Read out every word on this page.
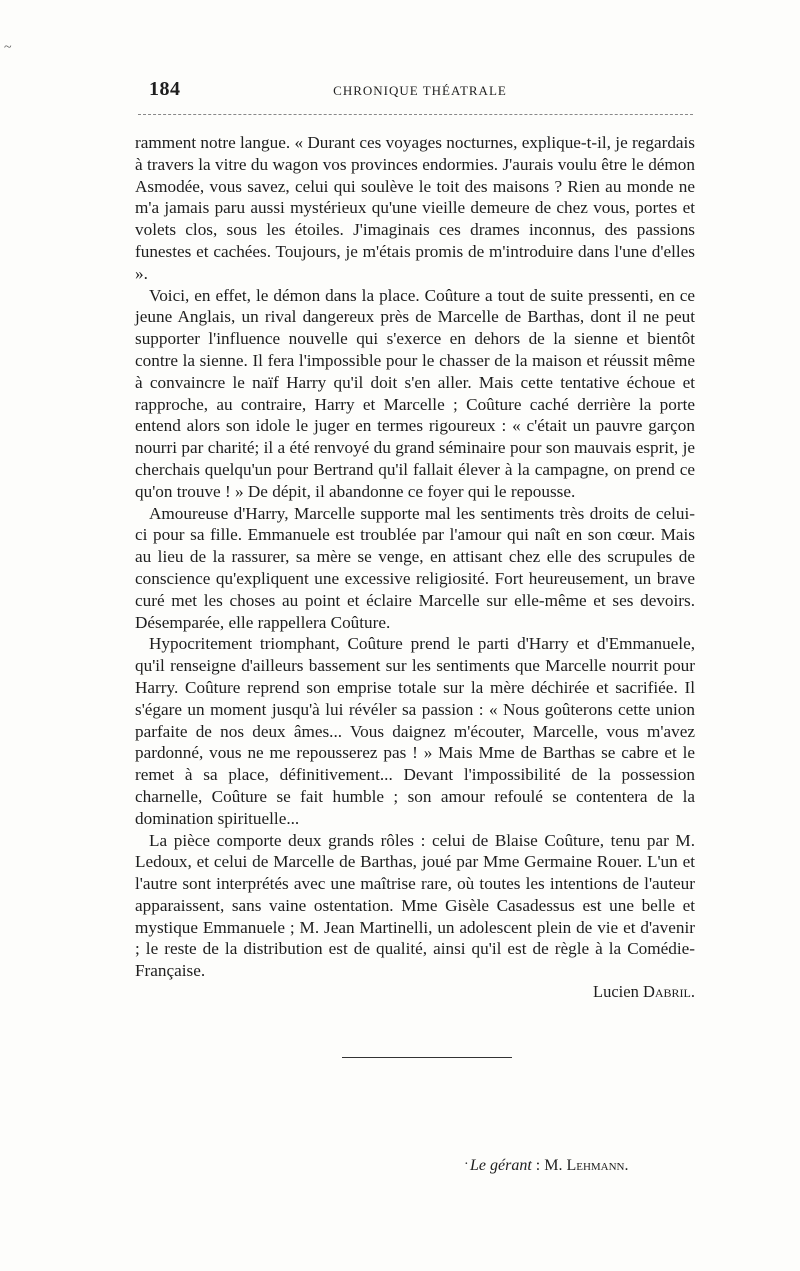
~
184	CHRONIQUE THÉATRALE

ramment notre langue. « Durant ces voyages nocturnes, explique-t-il, je regardais à travers la vitre du wagon vos provinces endormies. J'aurais voulu être le démon Asmodée, vous savez, celui qui soulève le toit des maisons ? Rien au monde ne m'a jamais paru aussi mystérieux qu'une vieille demeure de chez vous, portes et volets clos, sous les étoiles. J'imaginais ces drames inconnus, des passions funestes et cachées. Toujours, je m'étais promis de m'introduire dans l'une d'elles ».

Voici, en effet, le démon dans la place. Coûture a tout de suite pressenti, en ce jeune Anglais, un rival dangereux près de Marcelle de Barthas, dont il ne peut supporter l'influence nouvelle qui s'exerce en dehors de la sienne et bientôt contre la sienne. Il fera l'impossible pour le chasser de la maison et réussit même à convaincre le naïf Harry qu'il doit s'en aller. Mais cette tentative échoue et rapproche, au contraire, Harry et Marcelle ; Coûture caché derrière la porte entend alors son idole le juger en termes rigoureux : « c'était un pauvre garçon nourri par charité; il a été renvoyé du grand séminaire pour son mauvais esprit, je cherchais quelqu'un pour Bertrand qu'il fallait élever à la campagne, on prend ce qu'on trouve ! » De dépit, il abandonne ce foyer qui le repousse.

Amoureuse d'Harry, Marcelle supporte mal les sentiments très droits de celui-ci pour sa fille. Emmanuele est troublée par l'amour qui naît en son cœur. Mais au lieu de la rassurer, sa mère se venge, en attisant chez elle des scrupules de conscience qu'expliquent une excessive religiosité. Fort heureusement, un brave curé met les choses au point et éclaire Marcelle sur elle-même et ses devoirs. Désemparée, elle rappellera Coûture.

Hypocritement triomphant, Coûture prend le parti d'Harry et d'Emmanuele, qu'il renseigne d'ailleurs bassement sur les sentiments que Marcelle nourrit pour Harry. Coûture reprend son emprise totale sur la mère déchirée et sacrifiée. Il s'égare un moment jusqu'à lui révéler sa passion : « Nous goûterons cette union parfaite de nos deux âmes... Vous daignez m'écouter, Marcelle, vous m'avez pardonné, vous ne me repousserez pas ! » Mais Mme de Barthas se cabre et le remet à sa place, définitivement... Devant l'impossibilité de la possession charnelle, Coûture se fait humble ; son amour refoulé se contentera de la domination spirituelle...

La pièce comporte deux grands rôles : celui de Blaise Coûture, tenu par M. Ledoux, et celui de Marcelle de Barthas, joué par Mme Germaine Rouer. L'un et l'autre sont interprétés avec une maîtrise rare, où toutes les intentions de l'auteur apparaissent, sans vaine ostentation. Mme Gisèle Casadessus est une belle et mystique Emmanuele ; M. Jean Martinelli, un adolescent plein de vie et d'avenir ; le reste de la distribution est de qualité, ainsi qu'il est de règle à la Comédie-Française.

Lucien Dabril.
· Le gérant : M. Lehmann.
